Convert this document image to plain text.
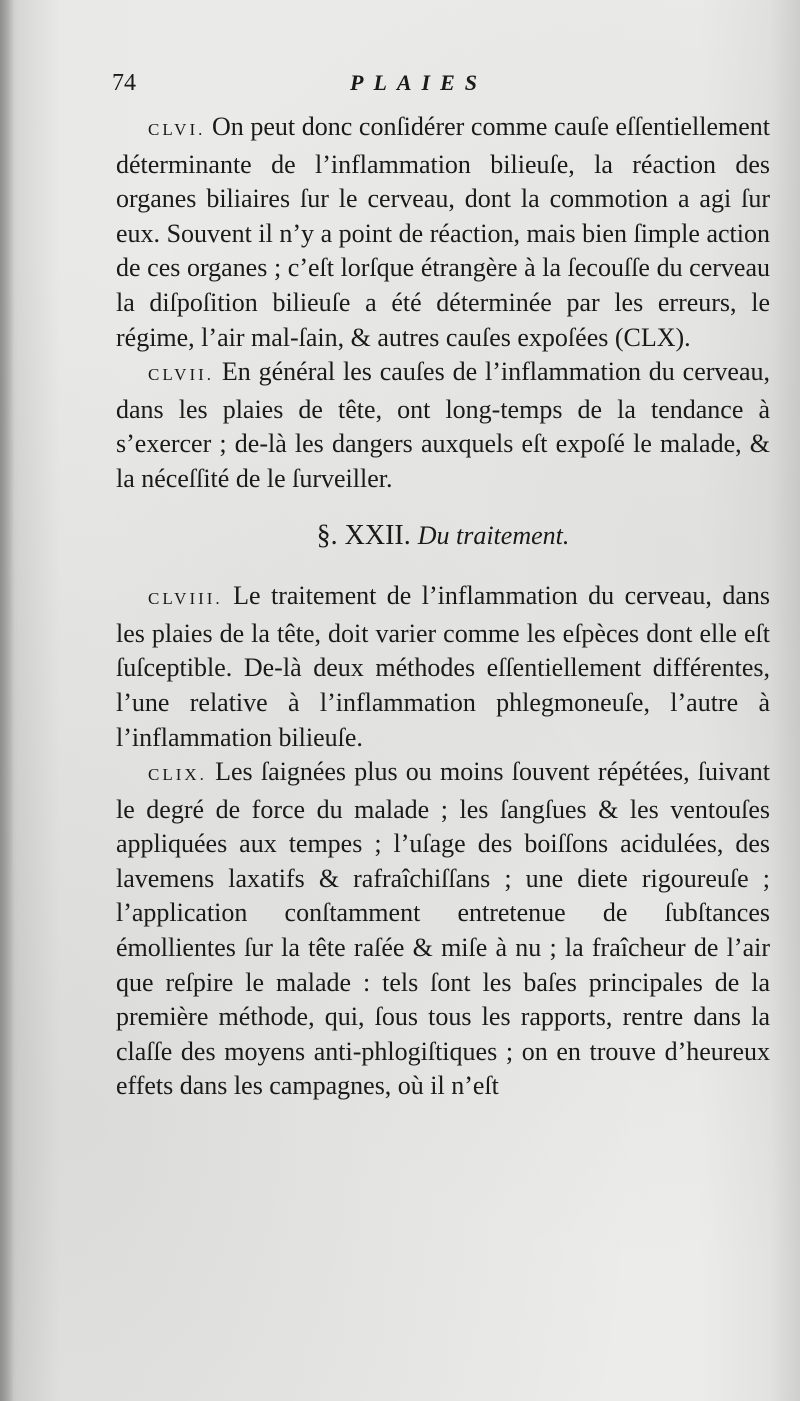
74	PLAIES

CLVI. On peut donc conſidérer comme cauſe eſſentiellement déterminante de l’inflammation bilieuſe, la réaction des organes biliaires ſur le cerveau, dont la commotion a agi ſur eux. Souvent il n’y a point de réaction, mais bien ſimple action de ces organes ; c’eſt lorſque étrangère à la ſecouſſe du cerveau la diſpoſition bilieuſe a été déterminée par les erreurs, le régime, l’air mal-ſain, & autres cauſes expoſées (CLX).

CLVII. En général les cauſes de l’inflammation du cerveau, dans les plaies de tête, ont long-temps de la tendance à s’exercer ; de-là les dangers auxquels eſt expoſé le malade, & la néceſſité de le ſurveiller.

§. XXII. Du traitement.

CLVIII. Le traitement de l’inflammation du cerveau, dans les plaies de la tête, doit varier comme les eſpèces dont elle eſt ſuſceptible. De-là deux méthodes eſſentiellement différentes, l’une relative à l’inflammation phlegmoneuſe, l’autre à l’inflammation bilieuſe.

CLIX. Les ſaignées plus ou moins ſouvent répétées, ſuivant le degré de force du malade ; les ſangſues & les ventouſes appliquées aux tempes ; l’uſage des boiſſons acidulées, des lavemens laxatifs & rafraîchiſſans ; une diete rigoureuſe ; l’application conſtamment entretenue de ſubſtances émollientes ſur la tête raſée & miſe à nu ; la fraîcheur de l’air que reſpire le malade : tels ſont les baſes principales de la première méthode, qui, ſous tous les rapports, rentre dans la claſſe des moyens anti-phlogiſtiques ; on en trouve d’heureux effets dans les campagnes, où il n’eſt
